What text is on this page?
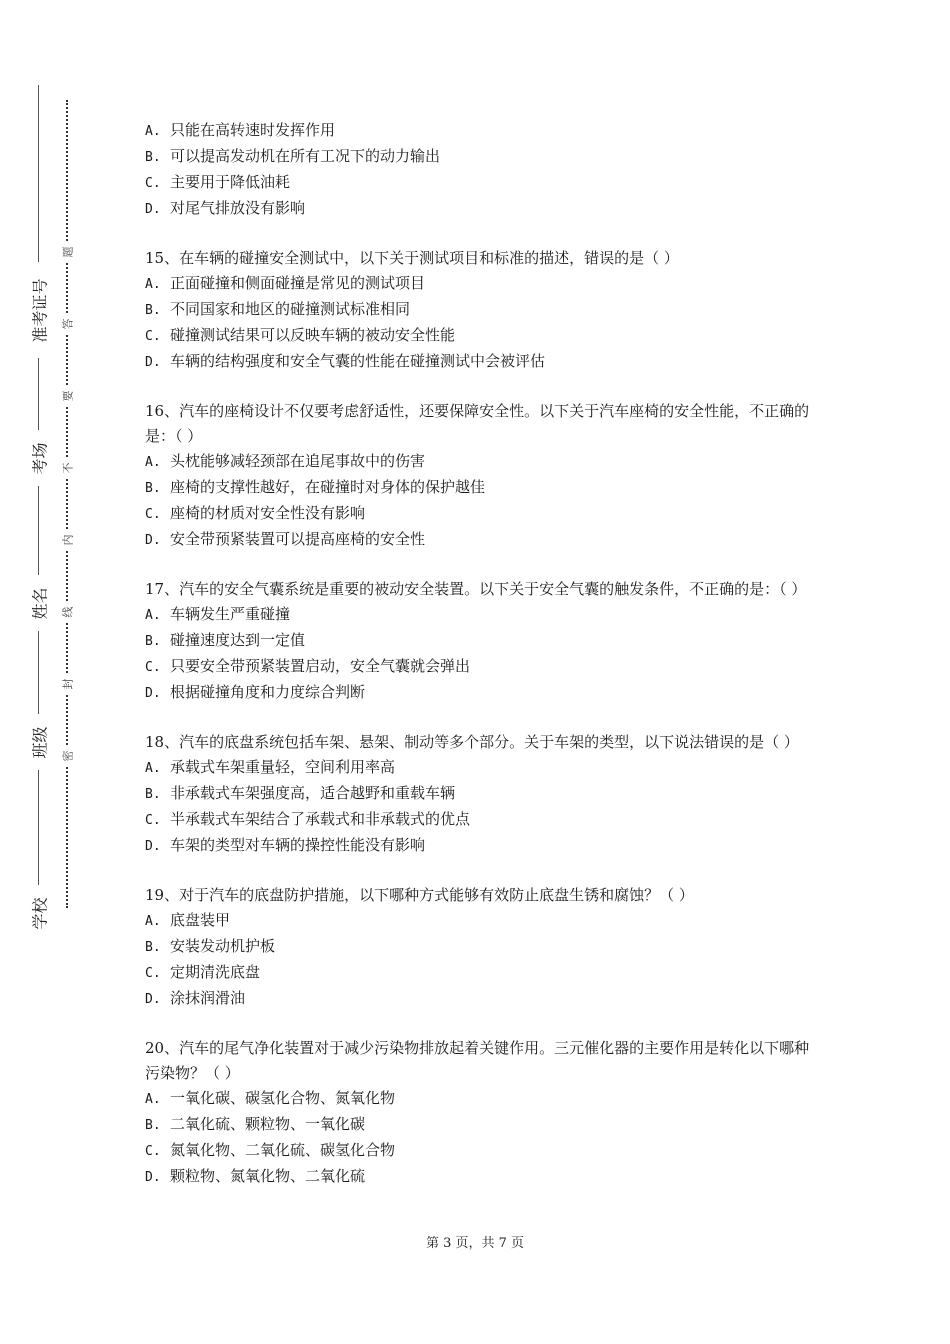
准考证号
考场
姓名
班级
学校
题
答
要
不
内
线
封
密

A. 只能在高转速时发挥作用

B. 可以提高发动机在所有工况下的动力输出

C. 主要用于降低油耗

D. 对尾气排放没有影响

15、在车辆的碰撞安全测试中，以下关于测试项目和标准的描述，错误的是（ ）

A. 正面碰撞和侧面碰撞是常见的测试项目

B. 不同国家和地区的碰撞测试标准相同

C. 碰撞测试结果可以反映车辆的被动安全性能

D. 车辆的结构强度和安全气囊的性能在碰撞测试中会被评估

16、汽车的座椅设计不仅要考虑舒适性，还要保障安全性。以下关于汽车座椅的安全性能，不正确的是：（ ）

A. 头枕能够减轻颈部在追尾事故中的伤害

B. 座椅的支撑性越好，在碰撞时对身体的保护越佳

C. 座椅的材质对安全性没有影响

D. 安全带预紧装置可以提高座椅的安全性

17、汽车的安全气囊系统是重要的被动安全装置。以下关于安全气囊的触发条件，不正确的是：（ ）

A. 车辆发生严重碰撞

B. 碰撞速度达到一定值

C. 只要安全带预紧装置启动，安全气囊就会弹出

D. 根据碰撞角度和力度综合判断

18、汽车的底盘系统包括车架、悬架、制动等多个部分。关于车架的类型，以下说法错误的是（ ）

A. 承载式车架重量轻，空间利用率高

B. 非承载式车架强度高，适合越野和重载车辆

C. 半承载式车架结合了承载式和非承载式的优点

D. 车架的类型对车辆的操控性能没有影响

19、对于汽车的底盘防护措施，以下哪种方式能够有效防止底盘生锈和腐蚀？（ ）

A. 底盘装甲

B. 安装发动机护板

C. 定期清洗底盘

D. 涂抹润滑油

20、汽车的尾气净化装置对于减少污染物排放起着关键作用。三元催化器的主要作用是转化以下哪种污染物？（ ）

A. 一氧化碳、碳氢化合物、氮氧化物

B. 二氧化硫、颗粒物、一氧化碳

C. 氮氧化物、二氧化硫、碳氢化合物

D. 颗粒物、氮氧化物、二氧化硫

第 3 页，共 7 页
